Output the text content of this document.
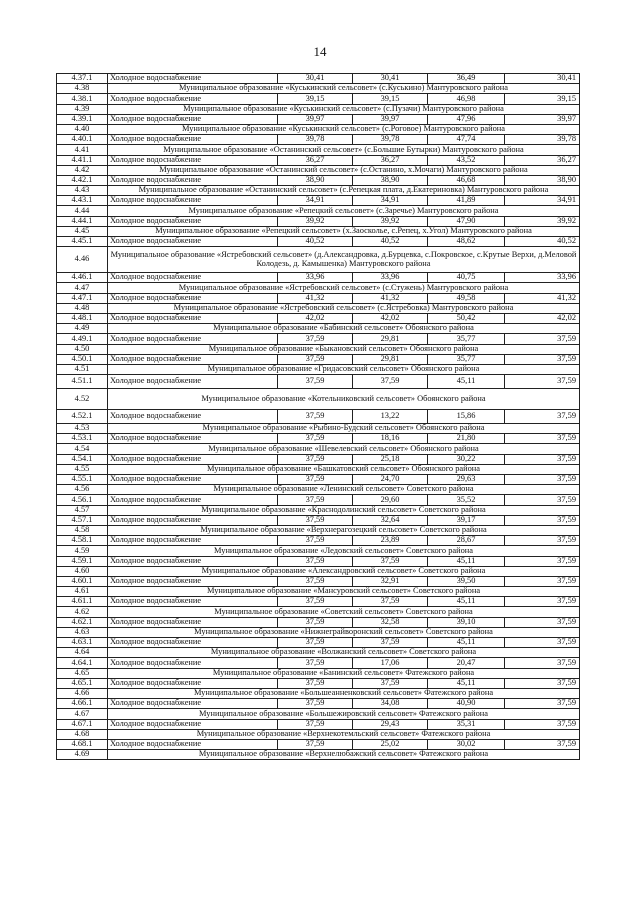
14
4.37.1	Холодное водоснабжение	30,41	30,41	36,49	30,41
4.38	Муниципальное образование «Куськинский сельсовет» (с.Куськино) Мантуровского района				
4.38.1	Холодное водоснабжение	39,15	39,15	46,98	39,15
4.39	Муниципальное образование «Куськинский сельсовет» (с.Пузачи) Мантуровского района				
4.39.1	Холодное водоснабжение	39,97	39,97	47,96	39,97
4.40	Муниципальное образование «Куськинский сельсовет» (с.Роговое) Мантуровского района				
4.40.1	Холодное водоснабжение	39,78	39,78	47,74	39,78
4.41	Муниципальное образование «Останинский сельсовет» (с.Большие Бутырки) Мантуровского района				
4.41.1	Холодное водоснабжение	36,27	36,27	43,52	36,27
4.42	Муниципальное образование «Останинский сельсовет» (с.Останино, х.Мочаги) Мантуровского района				
4.42.1	Холодное водоснабжение	38,90	38,90	46,68	38,90
4.43	Муниципальное образование «Останинский сельсовет» (с.Репецкая плата, д.Екатериновка) Мантуровского района				
4.43.1	Холодное водоснабжение	34,91	34,91	41,89	34,91
4.44	Муниципальное образование «Репецкий сельсовет» (с.Заречье) Мантуровского района				
4.44.1	Холодное водоснабжение	39,92	39,92	47,90	39,92
4.45	Муниципальное образование «Репецкий сельсовет» (х.Заосколье, с.Репец, х.Угол) Мантуровского района				
4.45.1	Холодное водоснабжение	40,52	40,52	48,62	40,52
4.46	Муниципальное образование «Ястребовский сельсовет» (д.Александровка, д.Бурцевка, с.Покровское, с.Крутые Верхи, д.Меловой Колодезь, д. Камышенка) Мантуровского района				
4.46.1	Холодное водоснабжение	33,96	33,96	40,75	33,96
4.47	Муниципальное образование «Ястребовский сельсовет» (с.Стужень) Мантуровского района				
4.47.1	Холодное водоснабжение	41,32	41,32	49,58	41,32
4.48	Муниципальное образование «Ястребовский сельсовет» (с.Ястребовка) Мантуровского района				
4.48.1	Холодное водоснабжение	42,02	42,02	50,42	42,02
4.49	Муниципальное образование «Бабинский сельсовет» Обоянского района				
4.49.1	Холодное водоснабжение	37,59	29,81	35,77	37,59
4.50	Муниципальное образование «Быкановский сельсовет» Обоянского района				
4.50.1	Холодное водоснабжение	37,59	29,81	35,77	37,59
4.51	Муниципальное образование «Гридасовский сельсовет» Обоянского района				
4.51.1	Холодное водоснабжение	37,59	37,59	45,11	37,59
4.52	Муниципальное образование «Котельниковский сельсовет» Обоянского района				
4.52.1	Холодное водоснабжение	37,59	13,22	15,86	37,59
4.53	Муниципальное образование «Рыбино-Будский сельсовет» Обоянского района				
4.53.1	Холодное водоснабжение	37,59	18,16	21,80	37,59
4.54	Муниципальное образование «Шевелевский сельсовет» Обоянского района				
4.54.1	Холодное водоснабжение	37,59	25,18	30,22	37,59
4.55	Муниципальное образование «Башкатовский сельсовет» Обоянского района				
4.55.1	Холодное водоснабжение	37,59	24,70	29,63	37,59
4.56	Муниципальное образование «Ленинский сельсовет» Советского района				
4.56.1	Холодное водоснабжение	37,59	29,60	35,52	37,59
4.57	Муниципальное образование «Краснодолинский сельсовет» Советского района				
4.57.1	Холодное водоснабжение	37,59	32,64	39,17	37,59
4.58	Муниципальное образование «Верхнерагозецкий сельсовет» Советского района				
4.58.1	Холодное водоснабжение	37,59	23,89	28,67	37,59
4.59	Муниципальное образование «Ледовский сельсовет» Советского района				
4.59.1	Холодное водоснабжение	37,59	37,59	45,11	37,59
4.60	Муниципальное образование «Александровский сельсовет» Советского района				
4.60.1	Холодное водоснабжение	37,59	32,91	39,50	37,59
4.61	Муниципальное образование «Мансуровский сельсовет» Советского района				
4.61.1	Холодное водоснабжение	37,59	37,59	45,11	37,59
4.62	Муниципальное образование «Советский сельсовет» Советского района				
4.62.1	Холодное водоснабжение	37,59	32,58	39,10	37,59
4.63	Муниципальное образование «Нижнеграйворонский сельсовет» Советского района				
4.63.1	Холодное водоснабжение	37,59	37,59	45,11	37,59
4.64	Муниципальное образование «Волжанский сельсовет» Советского района				
4.64.1	Холодное водоснабжение	37,59	17,06	20,47	37,59
4.65	Муниципальное образование «Банинский сельсовет» Фатежского района				
4.65.1	Холодное водоснабжение	37,59	37,59	45,11	37,59
4.66	Муниципальное образование «Большеанненковский сельсовет» Фатежского района				
4.66.1	Холодное водоснабжение	37,59	34,08	40,90	37,59
4.67	Муниципальное образование «Большежировский сельсовет» Фатежского района				
4.67.1	Холодное водоснабжение	37,59	29,43	35,31	37,59
4.68	Муниципальное образование «Верхнекотемльский сельсовет» Фатежского района				
4.68.1	Холодное водоснабжение	37,59	25,02	30,02	37,59
4.69	Муниципальное образование «Верхнелюбажский сельсовет» Фатежского района				
